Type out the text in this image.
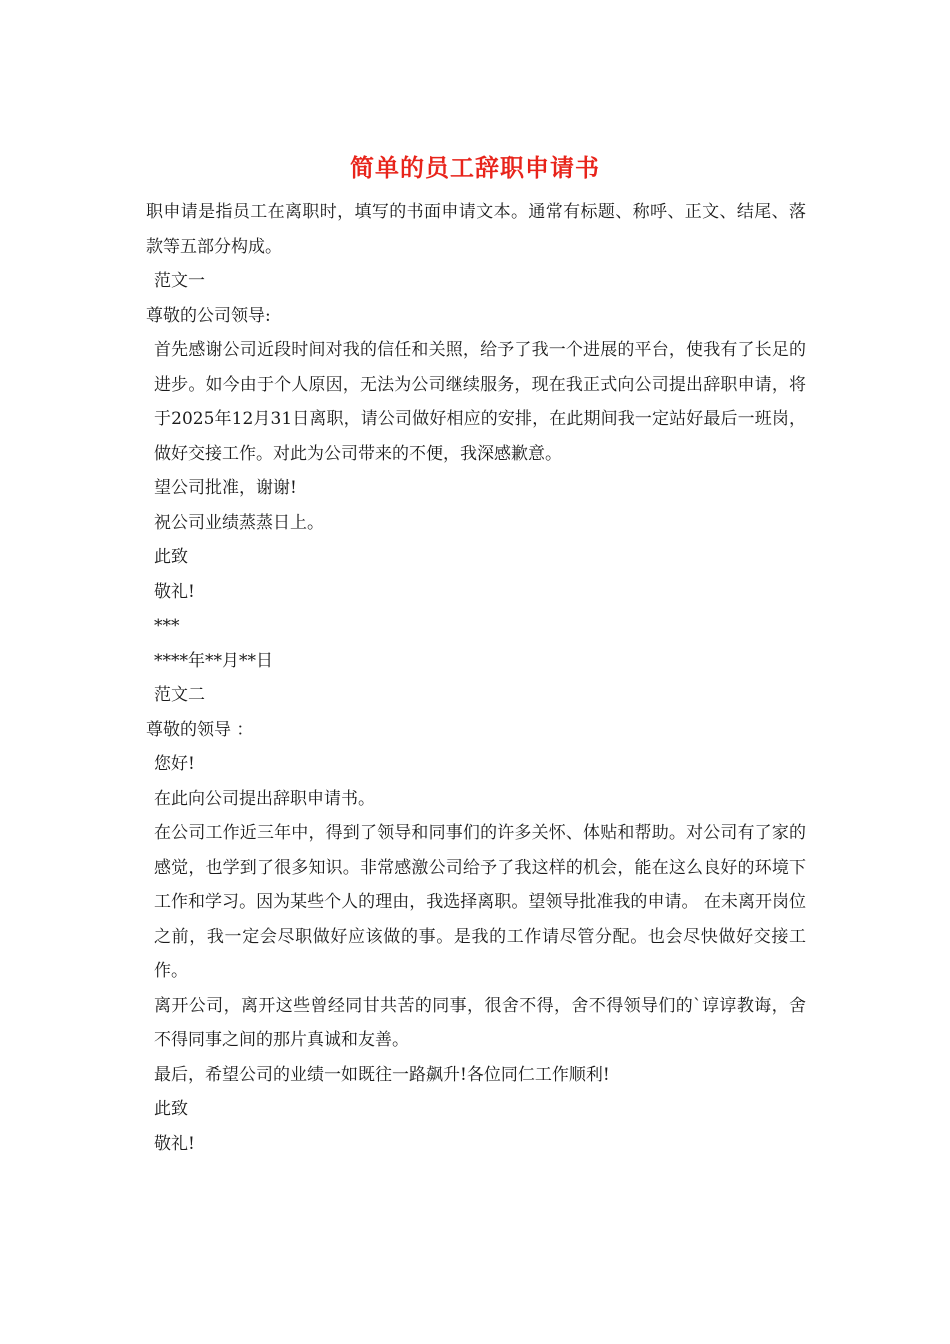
简单的员工辞职申请书

职申请是指员工在离职时，填写的书面申请文本。通常有标题、称呼、正文、结尾、落款等五部分构成。

范文一

尊敬的公司领导:

首先感谢公司近段时间对我的信任和关照，给予了我一个进展的平台，使我有了长足的进步。如今由于个人原因，无法为公司继续服务，现在我正式向公司提出辞职申请，将于2025年12月31日离职，请公司做好相应的安排，在此期间我一定站好最后一班岗，做好交接工作。对此为公司带来的不便，我深感歉意。

望公司批准，谢谢!

祝公司业绩蒸蒸日上。

此致

敬礼!

***

****年**月**日

范文二

尊敬的领导 ：

您好!

在此向公司提出辞职申请书。

在公司工作近三年中，得到了领导和同事们的许多关怀、体贴和帮助。对公司有了家的感觉，也学到了很多知识。非常感激公司给予了我这样的机会，能在这么良好的环境下工作和学习。因为某些个人的理由，我选择离职。望领导批准我的申请。 在未离开岗位之前，我一定会尽职做好应该做的事。是我的工作请尽管分配。也会尽快做好交接工作。

离开公司，离开这些曾经同甘共苦的同事，很舍不得，舍不得领导们的`谆谆教诲，舍不得同事之间的那片真诚和友善。

最后，希望公司的业绩一如既往一路飙升!各位同仁工作顺利!

此致

敬礼!
